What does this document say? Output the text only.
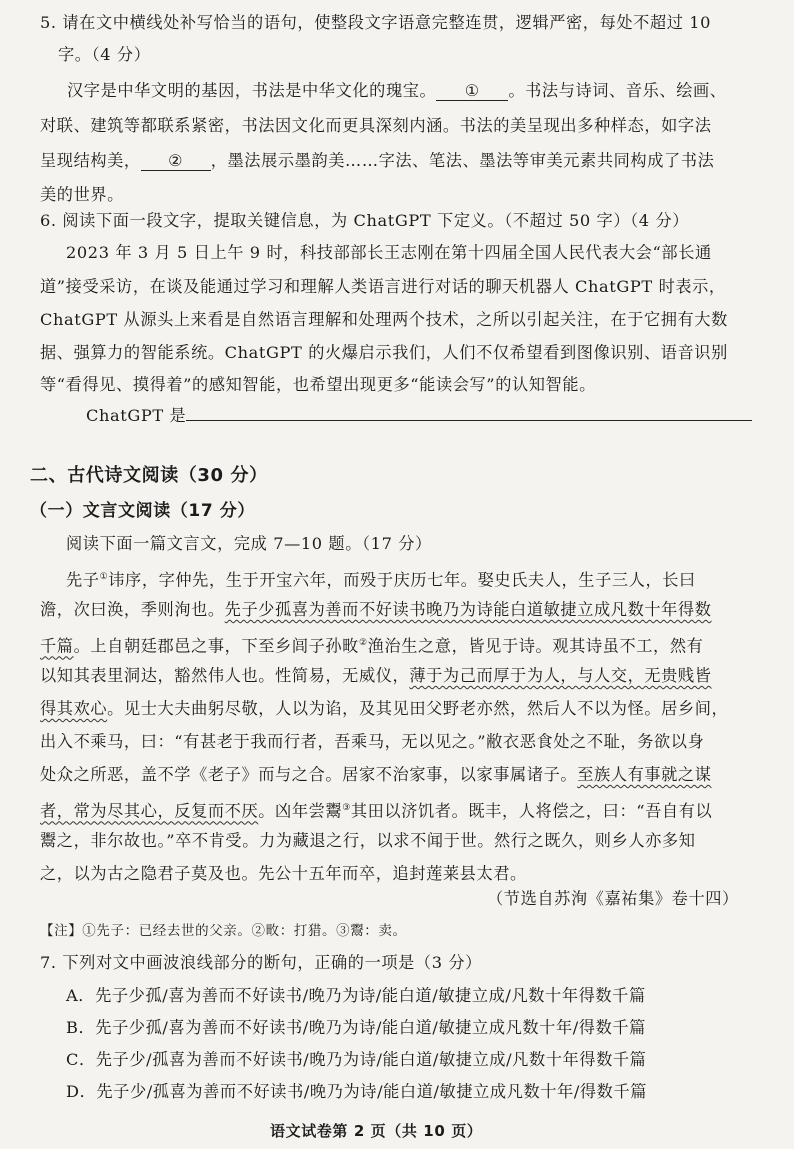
5. 请在文中横线处补写恰当的语句，使整段文字语意完整连贯，逻辑严密，每处不超过 10
字。（4 分）
汉字是中华文明的基因，书法是中华文化的瑰宝。 ① 。书法与诗词、音乐、绘画、
对联、建筑等都联系紧密，书法因文化而更具深刻内涵。书法的美呈现出多种样态，如字法
呈现结构美， ② ，墨法展示墨韵美……字法、笔法、墨法等审美元素共同构成了书法
美的世界。
6. 阅读下面一段文字，提取关键信息，为 ChatGPT 下定义。（不超过 50 字）（4 分）
2023 年 3 月 5 日上午 9 时，科技部部长王志刚在第十四届全国人民代表大会“部长通
道”接受采访，在谈及能通过学习和理解人类语言进行对话的聊天机器人 ChatGPT 时表示，
ChatGPT 从源头上来看是自然语言理解和处理两个技术，之所以引起关注，在于它拥有大数
据、强算力的智能系统。ChatGPT 的火爆启示我们，人们不仅希望看到图像识别、语音识别
等“看得见、摸得着”的感知智能，也希望出现更多“能读会写”的认知智能。
ChatGPT 是
二、古代诗文阅读（30 分）
（一）文言文阅读（17 分）
阅读下面一篇文言文，完成 7—10 题。（17 分）
先子①讳序，字仲先，生于开宝六年，而殁于庆历七年。娶史氏夫人，生子三人，长曰
澹，次曰涣，季则洵也。先子少孤喜为善而不好读书晚乃为诗能白道敏捷立成凡数十年得数
千篇。上自朝廷郡邑之事，下至乡闾子孙畋②渔治生之意，皆见于诗。观其诗虽不工，然有
以知其表里洞达，豁然伟人也。性简易，无威仪，薄于为己而厚于为人，与人交，无贵贱皆
得其欢心。见士大夫曲躬尽敬，人以为谄，及其见田父野老亦然，然后人不以为怪。居乡间，
出入不乘马，曰：“有甚老于我而行者，吾乘马，无以见之。”敝衣恶食处之不耻，务欲以身
处众之所恶，盖不学《老子》而与之合。居家不治家事，以家事属诸子。至族人有事就之谋
者，常为尽其心，反复而不厌。凶年尝鬻③其田以济饥者。既丰，人将偿之，曰：“吾自有以
鬻之，非尔故也。”卒不肯受。力为藏退之行，以求不闻于世。然行之既久，则乡人亦多知
之，以为古之隐君子莫及也。先公十五年而卒，追封莲莱县太君。
（节选自苏洵《嘉祐集》卷十四）
【注】①先子：已经去世的父亲。②畋：打猎。③鬻：卖。
7. 下列对文中画波浪线部分的断句，正确的一项是（3 分）
A．先子少孤/喜为善而不好读书/晚乃为诗/能白道/敏捷立成/凡数十年得数千篇
B．先子少孤/喜为善而不好读书/晚乃为诗/能白道/敏捷立成凡数十年/得数千篇
C．先子少/孤喜为善而不好读书/晚乃为诗/能白道/敏捷立成/凡数十年得数千篇
D．先子少/孤喜为善而不好读书/晚乃为诗/能白道/敏捷立成凡数十年/得数千篇
语文试卷第 2 页（共 10 页）
